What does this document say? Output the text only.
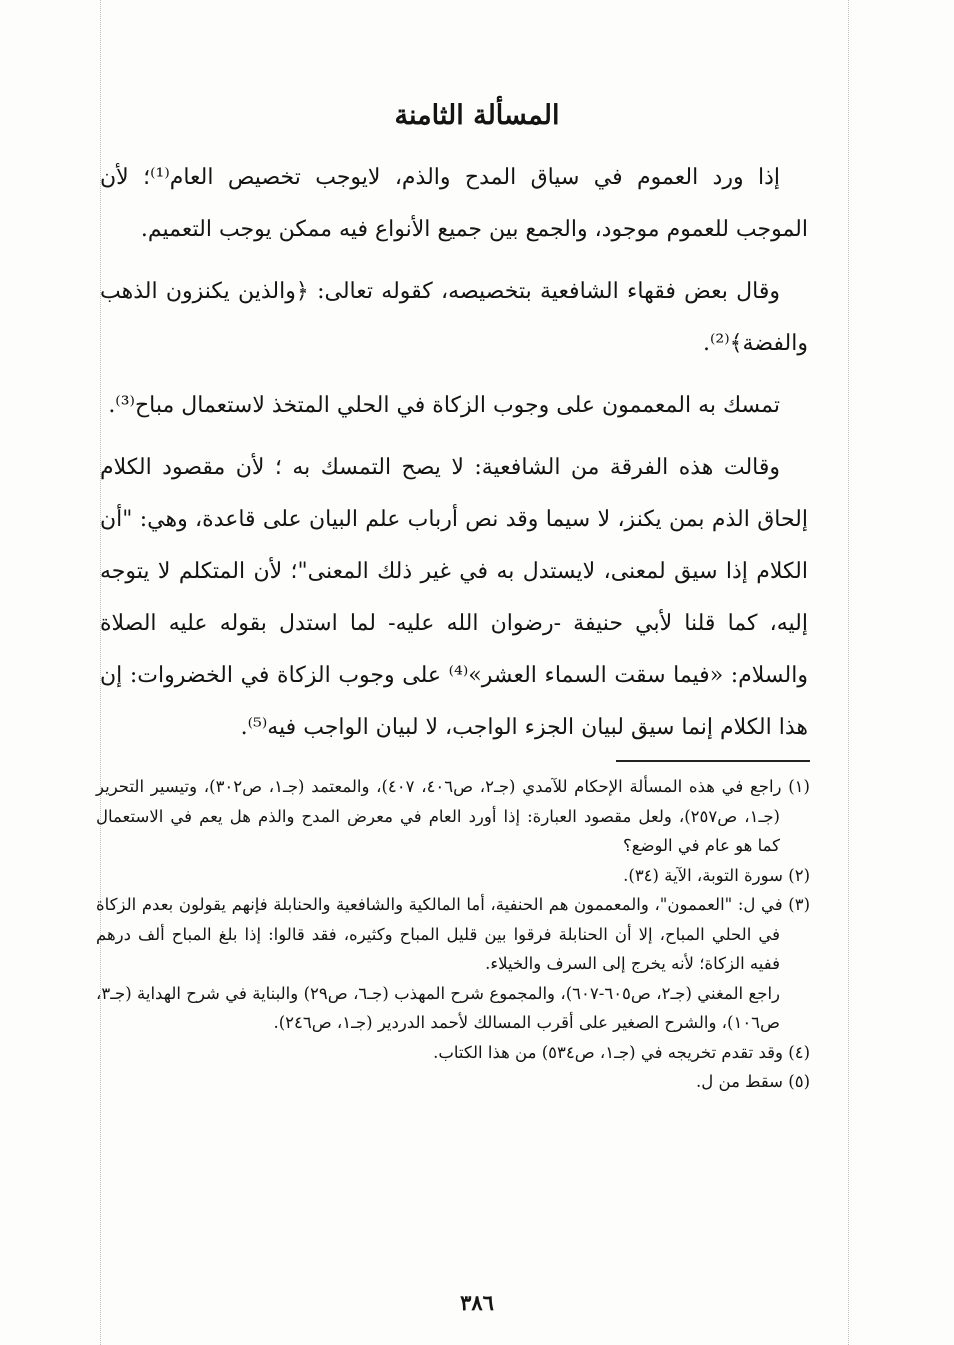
المسألة الثامنة

إذا ورد العموم في سياق المدح والذم، لايوجب تخصيص العام⁽¹⁾؛ لأن الموجب للعموم موجود، والجمع بين جميع الأنواع فيه ممكن يوجب التعميم.

وقال بعض فقهاء الشافعية بتخصيصه، كقوله تعالى: ﴿والذين يكنزون الذهب والفضة﴾⁽²⁾.

تمسك به المعممون على وجوب الزكاة في الحلي المتخذ لاستعمال مباح⁽³⁾.

وقالت هذه الفرقة من الشافعية: لا يصح التمسك به ؛ لأن مقصود الكلام إلحاق الذم بمن يكنز، لا سيما وقد نص أرباب علم البيان على قاعدة، وهي: "أن الكلام إذا سيق لمعنى، لايستدل به في غير ذلك المعنى"؛ لأن المتكلم لا يتوجه إليه، كما قلنا لأبي حنيفة -رضوان الله عليه- لما استدل بقوله عليه الصلاة والسلام: «فيما سقت السماء العشر»⁽⁴⁾ على وجوب الزكاة في الخضروات: إن هذا الكلام إنما سيق لبيان الجزء الواجب، لا لبيان الواجب فيه⁽⁵⁾.

(١) راجع في هذه المسألة الإحكام للآمدي (جـ٢، ص٤٠٦، ٤٠٧)، والمعتمد (جـ١، ص٣٠٢)، وتيسير التحرير (جـ١، ص٢٥٧)، ولعل مقصود العبارة: إذا أورد العام في معرض المدح والذم هل يعم في الاستعمال كما هو عام في الوضع؟

(٢) سورة التوبة، الآية (٣٤).

(٣) في ل: "العممون"، والمعممون هم الحنفية، أما المالكية والشافعية والحنابلة فإنهم يقولون بعدم الزكاة في الحلي المباح، إلا أن الحنابلة فرقوا بين قليل المباح وكثيره، فقد قالوا: إذا بلغ المباح ألف درهم ففيه الزكاة؛ لأنه يخرج إلى السرف والخيلاء.

راجع المغني (جـ٢، ص٦٠٥-٦٠٧)، والمجموع شرح المهذب (جـ٦، ص٢٩) والبناية في شرح الهداية (جـ٣، ص١٠٦)، والشرح الصغير على أقرب المسالك لأحمد الدردير (جـ١، ص٢٤٦).

(٤) وقد تقدم تخريجه في (جـ١، ص٥٣٤) من هذا الكتاب.

(٥) سقط من ل.

٣٨٦
